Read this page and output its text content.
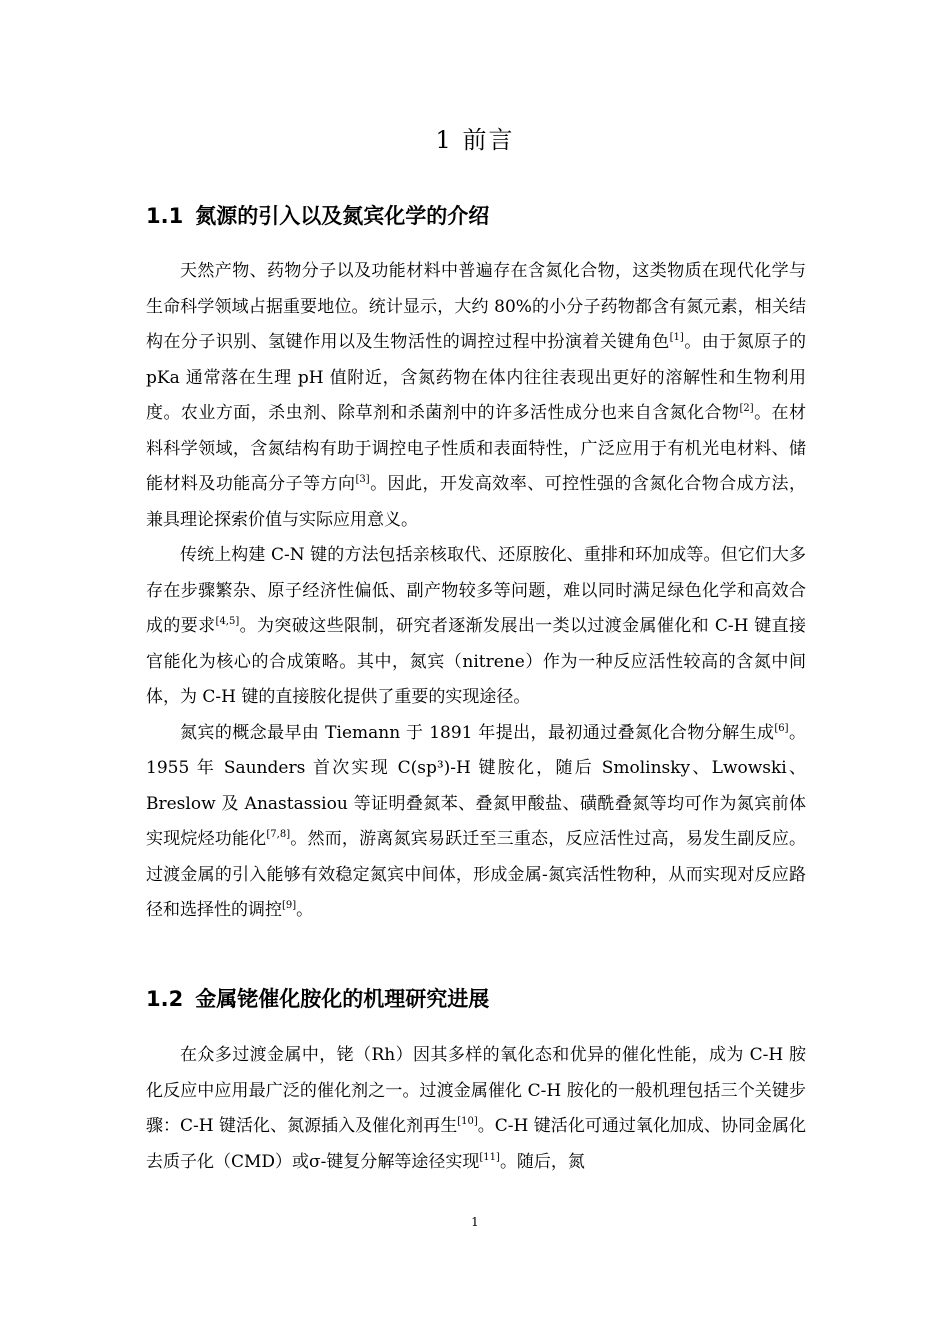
1 前言
1.1 氮源的引入以及氮宾化学的介绍

天然产物、药物分子以及功能材料中普遍存在含氮化合物，这类物质在现代化学与生命科学领域占据重要地位。统计显示，大约 80%的小分子药物都含有氮元素，相关结构在分子识别、氢键作用以及生物活性的调控过程中扮演着关键角色[1]。由于氮原子的 pKa 通常落在生理 pH 值附近，含氮药物在体内往往表现出更好的溶解性和生物利用度。农业方面，杀虫剂、除草剂和杀菌剂中的许多活性成分也来自含氮化合物[2]。在材料科学领域，含氮结构有助于调控电子性质和表面特性，广泛应用于有机光电材料、储能材料及功能高分子等方向[3]。因此，开发高效率、可控性强的含氮化合物合成方法，兼具理论探索价值与实际应用意义。

传统上构建 C-N 键的方法包括亲核取代、还原胺化、重排和环加成等。但它们大多存在步骤繁杂、原子经济性偏低、副产物较多等问题，难以同时满足绿色化学和高效合成的要求[4,5]。为突破这些限制，研究者逐渐发展出一类以过渡金属催化和 C-H 键直接官能化为核心的合成策略。其中，氮宾（nitrene）作为一种反应活性较高的含氮中间体，为 C-H 键的直接胺化提供了重要的实现途径。

氮宾的概念最早由 Tiemann 于 1891 年提出，最初通过叠氮化合物分解生成[6]。1955 年 Saunders 首次实现 C(sp³)-H 键胺化，随后 Smolinsky、Lwowski、Breslow 及 Anastassiou 等证明叠氮苯、叠氮甲酸盐、磺酰叠氮等均可作为氮宾前体实现烷烃功能化[7,8]。然而，游离氮宾易跃迁至三重态，反应活性过高，易发生副反应。过渡金属的引入能够有效稳定氮宾中间体，形成金属-氮宾活性物种，从而实现对反应路径和选择性的调控[9]。

1.2 金属铑催化胺化的机理研究进展

在众多过渡金属中，铑（Rh）因其多样的氧化态和优异的催化性能，成为 C-H 胺化反应中应用最广泛的催化剂之一。过渡金属催化 C-H 胺化的一般机理包括三个关键步骤：C-H 键活化、氮源插入及催化剂再生[10]。C-H 键活化可通过氧化加成、协同金属化去质子化（CMD）或σ-键复分解等途径实现[11]。随后，氮

1
